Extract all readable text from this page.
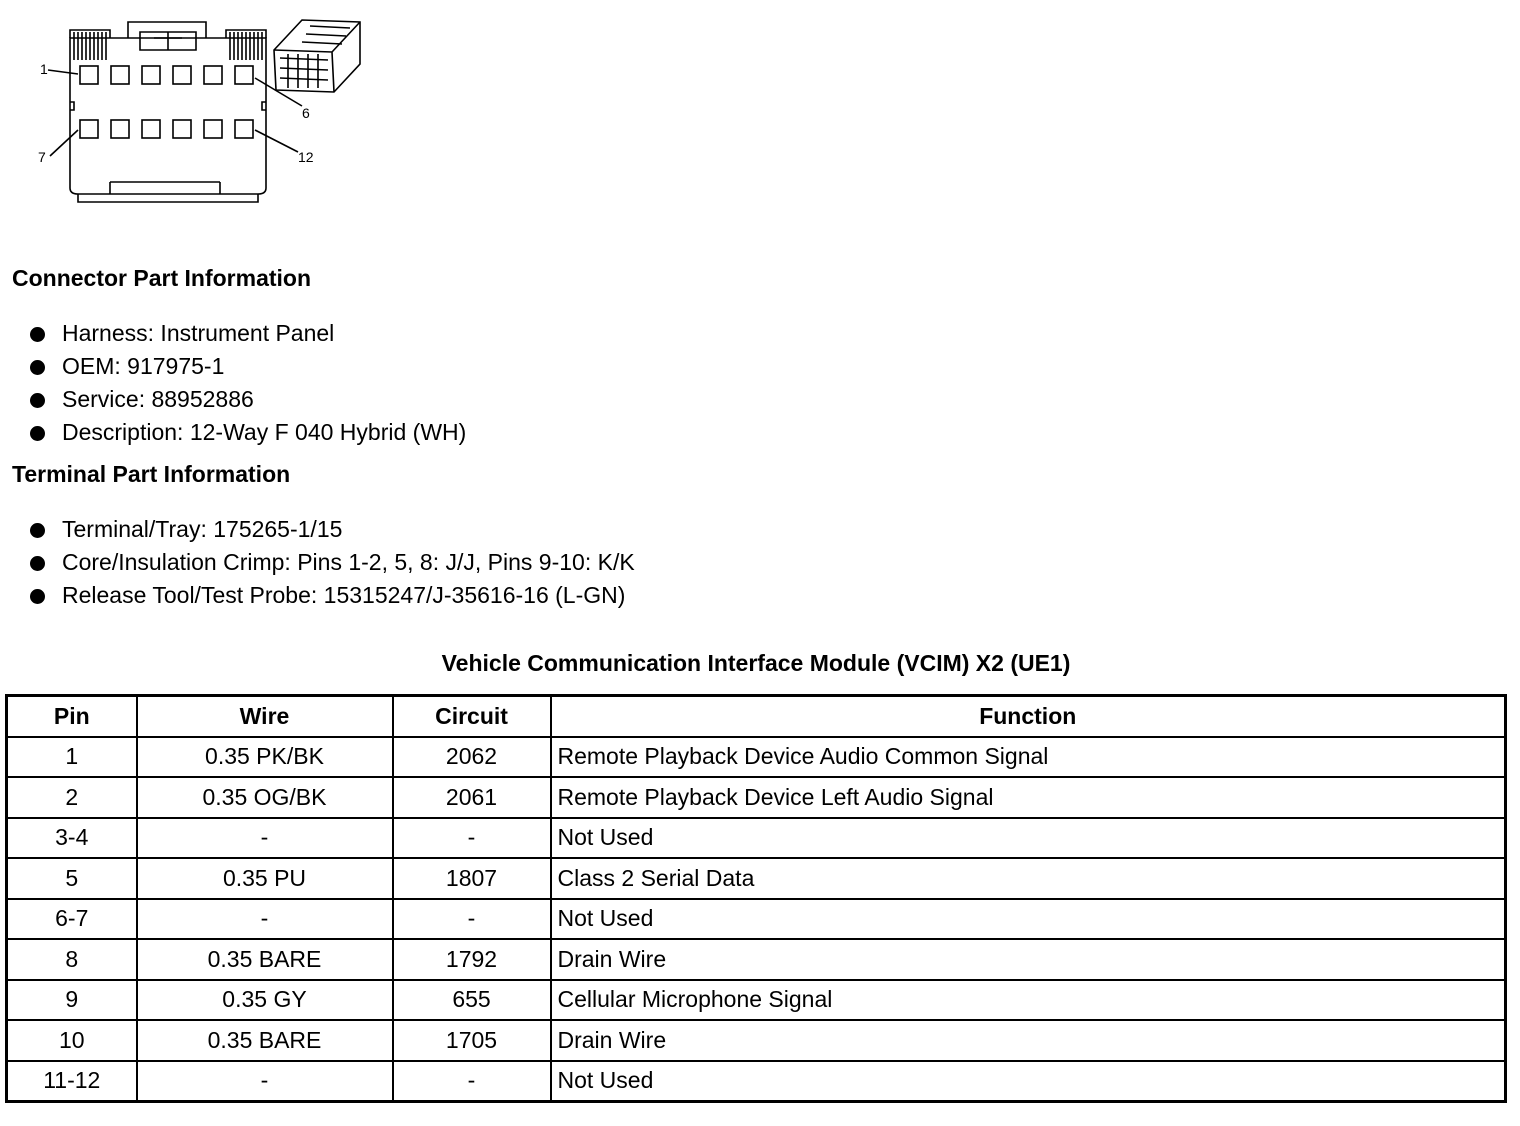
1
6
7	12
Connector Part Information
Harness: Instrument Panel
OEM: 917975-1
Service: 88952886
Description: 12-Way F 040 Hybrid (WH)
Terminal Part Information
Terminal/Tray: 175265-1/15
Core/Insulation Crimp: Pins 1-2, 5, 8: J/J, Pins 9-10: K/K
Release Tool/Test Probe: 15315247/J-35616-16 (L-GN)
Vehicle Communication Interface Module (VCIM) X2 (UE1)
Pin	Wire	Circuit	Function
1	0.35 PK/BK	2062	Remote Playback Device Audio Common Signal
2	0.35 OG/BK	2061	Remote Playback Device Left Audio Signal
3-4	-	-	Not Used
5	0.35 PU	1807	Class 2 Serial Data
6-7	-	-	Not Used
8	0.35 BARE	1792	Drain Wire
9	0.35 GY	655	Cellular Microphone Signal
10	0.35 BARE	1705	Drain Wire
11-12	-	-	Not Used
